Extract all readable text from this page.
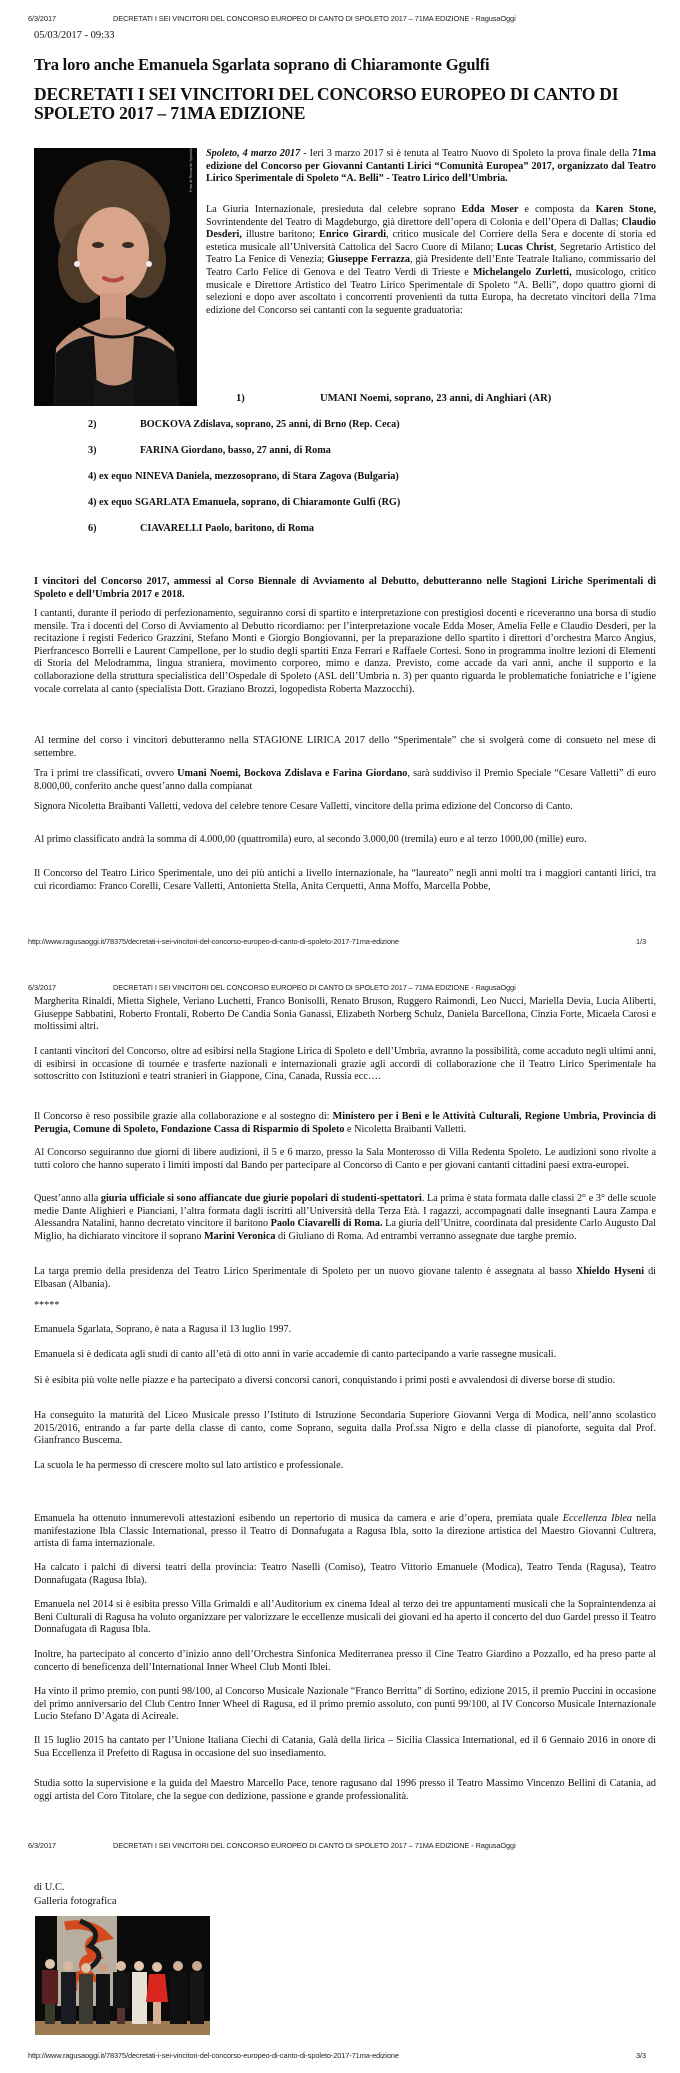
6/3/2017	DECRETATI I SEI VINCITORI DEL CONCORSO EUROPEO DI CANTO DI SPOLETO 2017 – 71MA EDIZIONE - RagusaOggi
05/03/2017 - 09:33
Tra loro anche Emanuela Sgarlata soprano di Chiaramonte Ggulfi
DECRETATI I SEI VINCITORI DEL CONCORSO EUROPEO DI CANTO DI SPOLETO 2017 – 71MA EDIZIONE
Foto di Riccardo Spinella Spoleto, 4 marzo 2017 - Ieri 3 marzo 2017 si è tenuta al Teatro Nuovo di Spoleto la prova finale della 71ma edizione del Concorso per Giovanni Cantanti Lirici “Comunità Europea” 2017, organizzato dal Teatro Lirico Sperimentale di Spoleto “A. Belli” - Teatro Lirico dell’Umbria.
La Giuria Internazionale, presieduta dal celebre soprano Edda Moser e composta da Karen Stone, Sovrintendente del Teatro di Magdeburgo, già direttore dell’opera di Colonia e dell’Opera di Dallas; Claudio Desderi, illustre baritono; Enrico Girardi, critico musicale del Corriere della Sera e docente di storia ed estetica musicale all’Università Cattolica del Sacro Cuore di Milano; Lucas Christ, Segretario Artistico del Teatro La Fenice di Venezia; Giuseppe Ferrazza, già Presidente dell’Ente Teatrale Italiano, commissario del Teatro Carlo Felice di Genova e del Teatro Verdi di Trieste e Michelangelo Zurletti, musicologo, critico musicale e Direttore Artistico del Teatro Lirico Sperimentale di Spoleto “A. Belli”, dopo quattro giorni di selezioni e dopo aver ascoltato i concorrenti provenienti da tutta Europa, ha decretato vincitori della 71ma edizione del Concorso sei cantanti con la seguente graduatoria:
1)	UMANI Noemi, soprano, 23 anni, di Anghiari (AR)
2)	BOCKOVA Zdislava, soprano, 25 anni, di Brno (Rep. Ceca)
3)	FARINA Giordano, basso, 27 anni, di Roma
4) ex equo NINEVA Daniela, mezzosoprano, di Stara Zagova (Bulgaria)
4) ex equo SGARLATA Emanuela, soprano, di Chiaramonte Gulfi (RG)
6)	CIAVARELLI Paolo, baritono, di Roma
I vincitori del Concorso 2017, ammessi al Corso Biennale di Avviamento al Debutto, debutteranno nelle Stagioni Liriche Sperimentali di Spoleto e dell’Umbria 2017 e 2018.
I cantanti, durante il periodo di perfezionamento, seguiranno corsi di spartito e interpretazione con prestigiosi docenti e riceveranno una borsa di studio mensile. Tra i docenti del Corso di Avviamento al Debutto ricordiamo: per l’interpretazione vocale Edda Moser, Amelia Felle e Claudio Desderi, per la recitazione i registi Federico Grazzini, Stefano Monti e Giorgio Bongiovanni, per la preparazione dello spartito i direttori d’orchestra Marco Angius, Pierfrancesco Borrelli e Laurent Campellone, per lo studio degli spartiti Enza Ferrari e Raffaele Cortesi. Sono in programma inoltre lezioni di Elementi di Storia del Melodramma, lingua straniera, movimento corporeo, mimo e danza. Previsto, come accade da vari anni, anche il supporto e la collaborazione della struttura specialistica dell’Ospedale di Spoleto (ASL dell’Umbria n. 3) per quanto riguarda le problematiche foniatriche e l’igiene vocale correlata al canto (specialista Dott. Graziano Brozzi, logopedista Roberta Mazzocchi).
Al termine del corso i vincitori debutteranno nella STAGIONE LIRICA 2017 dello “Sperimentale” che si svolgerà come di consueto nel mese di settembre.
Tra i primi tre classificati, ovvero Umani Noemi, Bockova Zdislava e Farina Giordano, sarà suddiviso il Premio Speciale “Cesare Valletti” di euro 8.000,00, conferito anche quest’anno dalla compianat
Signora Nicoletta Braibanti Valletti, vedova del celebre tenore Cesare Valletti, vincitore della prima edizione del Concorso di Canto.
Al primo classificato andrà la somma di 4.000,00 (quattromila) euro, al secondo 3.000,00 (tremila) euro e al terzo 1000,00 (mille) euro.
Il Concorso del Teatro Lirico Sperimentale, uno dei più antichi a livello internazionale, ha “laureato” negli anni molti tra i maggiori cantanti lirici, tra cui ricordiamo: Franco Corelli, Cesare Valletti, Antonietta Stella, Anita Cerquetti, Anna Moffo, Marcella Pobbe,
http://www.ragusaoggi.it/78375/decretati-i-sei-vincitori-del-concorso-europeo-di-canto-di-spoleto-2017-71ma-edizione	1/3
6/3/2017	DECRETATI I SEI VINCITORI DEL CONCORSO EUROPEO DI CANTO DI SPOLETO 2017 – 71MA EDIZIONE - RagusaOggi
Margherita Rinaldi, Mietta Sighele, Veriano Luchetti, Franco Bonisolli, Renato Bruson, Ruggero Raimondi, Leo Nucci, Mariella Devia, Lucia Aliberti, Giuseppe Sabbatini, Roberto Frontali, Roberto De Candia Sonia Ganassi, Elizabeth Norberg Schulz, Daniela Barcellona, Cinzia Forte, Micaela Carosi e moltissimi altri.
I cantanti vincitori del Concorso, oltre ad esibirsi nella Stagione Lirica di Spoleto e dell’Umbria, avranno la possibilità, come accaduto negli ultimi anni, di esibirsi in occasione di tournée e trasferte nazionali e internazionali grazie agli accordi di collaborazione che il Teatro Lirico Sperimentale ha sottoscritto con Istituzioni e teatri stranieri in Giappone, Cina, Canada, Russia ecc….
Il Concorso è reso possibile grazie alla collaborazione e al sostegno di: Ministero per i Beni e le Attività Culturali, Regione Umbria, Provincia di Perugia, Comune di Spoleto, Fondazione Cassa di Risparmio di Spoleto e Nicoletta Braibanti Valletti.
Al Concorso seguiranno due giorni di libere audizioni, il 5 e 6 marzo, presso la Sala Monterosso di Villa Redenta Spoleto. Le audizioni sono rivolte a tutti coloro che hanno superato i limiti imposti dal Bando per partecipare al Concorso di Canto e per giovani cantanti cittadini paesi extra-europei.
Quest’anno alla giuria ufficiale si sono affiancate due giurie popolari di studenti-spettatori. La prima è stata formata dalle classi 2° e 3° delle scuole medie Dante Alighieri e Pianciani, l’altra formata dagli iscritti all’Università della Terza Età. I ragazzi, accompagnati dalle insegnanti Laura Zampa e Alessandra Natalini, hanno decretato vincitore il baritono Paolo Ciavarelli di Roma. La giuria dell’Unitre, coordinata dal presidente Carlo Augusto Dal Miglio, ha dichiarato vincitore il soprano Marini Veronica di Giuliano di Roma. Ad entrambi verranno assegnate due targhe premio.
La targa premio della presidenza del Teatro Lirico Sperimentale di Spoleto per un nuovo giovane talento è assegnata al basso Xhieldo Hyseni di Elbasan (Albania).
*****
Emanuela Sgarlata, Soprano, è nata a Ragusa il 13 luglio 1997.
Emanuela si è dedicata agli studi di canto all’età di otto anni in varie accademie di canto partecipando a varie rassegne musicali.
Si è esibita più volte nelle piazze e ha partecipato a diversi concorsi canori, conquistando i primi posti e avvalendosi di diverse borse di studio.
Ha conseguito la maturità del Liceo Musicale presso l’Istituto di Istruzione Secondaria Superiore Giovanni Verga di Modica, nell’anno scolastico 2015/2016, entrando a far parte della classe di canto, come Soprano, seguita dalla Prof.ssa Nigro e della classe di pianoforte, seguita dal Prof. Gianfranco Buscema.
La scuola le ha permesso di crescere molto sul lato artistico e professionale.
Emanuela ha ottenuto innumerevoli attestazioni esibendo un repertorio di musica da camera e arie d’opera, premiata quale Eccellenza Iblea nella manifestazione Ibla Classic International, presso il Teatro di Donnafugata a Ragusa Ibla, sotto la direzione artistica del Maestro Giovanni Cultrera, artista di fama internazionale.
Ha calcato i palchi di diversi teatri della provincia: Teatro Naselli (Comiso), Teatro Vittorio Emanuele (Modica), Teatro Tenda (Ragusa), Teatro Donnafugata (Ragusa Ibla).
Emanuela nel 2014 si è esibita presso Villa Grimaldi e all’Auditorium ex cinema Ideal al terzo dei tre appuntamenti musicali che la Sopraintendenza ai Beni Culturali di Ragusa ha voluto organizzare per valorizzare le eccellenze musicali dei giovani ed ha aperto il concerto del duo Gardel presso il Teatro Donnafugata di Ragusa Ibla.
Inoltre, ha partecipato al concerto d’inizio anno dell’Orchestra Sinfonica Mediterranea presso il Cine Teatro Giardino a Pozzallo, ed ha preso parte al concerto di beneficenza dell’International Inner Wheel Club Monti Iblei.
Ha vinto il primo premio, con punti 98/100, al Concorso Musicale Nazionale “Franco Berritta” di Sortino, edizione 2015, il premio Puccini in occasione del primo anniversario del Club Centro Inner Wheel di Ragusa, ed il primo premio assoluto, con punti 99/100, al IV Concorso Musicale Internazionale Lucio Stefano D’Agata di Acireale.
Il 15 luglio 2015 ha cantato per l’Unione Italiana Ciechi di Catania, Galà della lirica – Sicilia Classica International, ed il 6 Gennaio 2016 in onore di Sua Eccellenza il Prefetto di Ragusa in occasione del suo insediamento.
Studia sotto la supervisione e la guida del Maestro Marcello Pace, tenore ragusano dal 1996 presso il Teatro Massimo Vincenzo Bellini di Catania, ad oggi artista del Coro Titolare, che la segue con dedizione, passione e grande professionalità.
6/3/2017	DECRETATI I SEI VINCITORI DEL CONCORSO EUROPEO DI CANTO DI SPOLETO 2017 – 71MA EDIZIONE - RagusaOggi
di U.C.
Galleria fotografica
http://www.ragusaoggi.it/78375/decretati-i-sei-vincitori-del-concorso-europeo-di-canto-di-spoleto-2017-71ma-edizione	3/3
